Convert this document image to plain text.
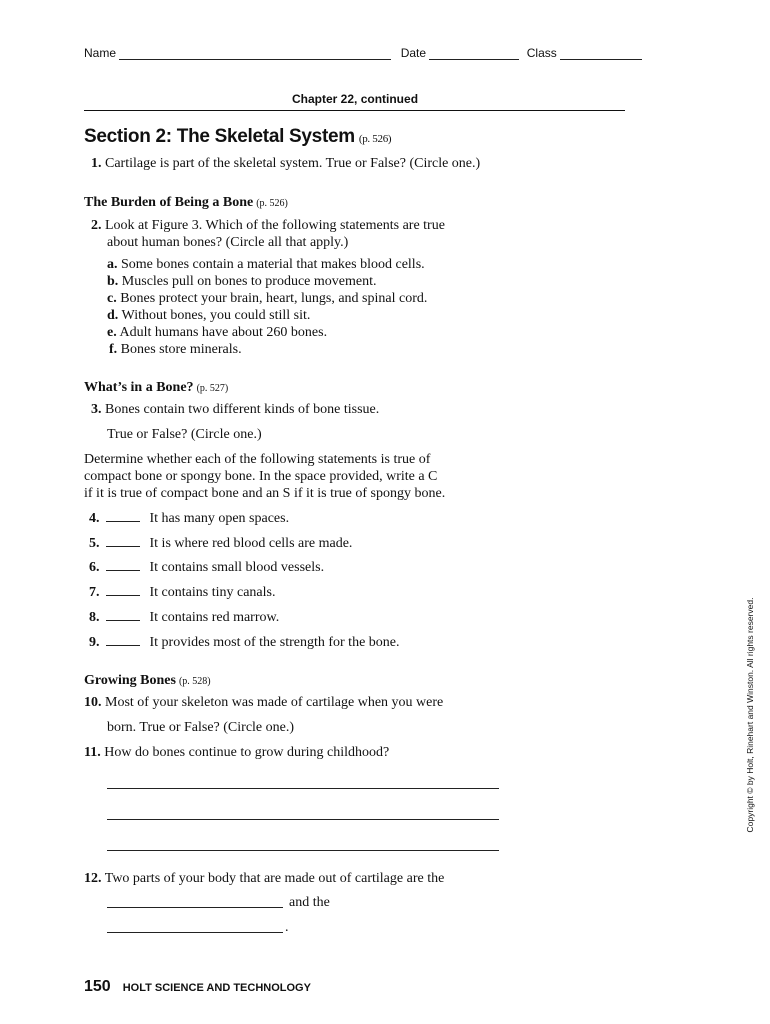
Name	Date	Class
Chapter 22, continued
Section 2: The Skeletal System (p. 526)
1. Cartilage is part of the skeletal system. True or False? (Circle one.)
The Burden of Being a Bone (p. 526)
2. Look at Figure 3. Which of the following statements are true
about human bones? (Circle all that apply.)
a. Some bones contain a material that makes blood cells.
b. Muscles pull on bones to produce movement.
c. Bones protect your brain, heart, lungs, and spinal cord.
d. Without bones, you could still sit.
e. Adult humans have about 260 bones.
f. Bones store minerals.
What’s in a Bone? (p. 527)
3. Bones contain two different kinds of bone tissue.
True or False? (Circle one.)
Determine whether each of the following statements is true of
compact bone or spongy bone. In the space provided, write a C
if it is true of compact bone and an S if it is true of spongy bone.
4.	It has many open spaces.
5.	It is where red blood cells are made.
6.	It contains small blood vessels.
7.	It contains tiny canals.
8.	It contains red marrow.
9.	It provides most of the strength for the bone.
Growing Bones (p. 528)
10. Most of your skeleton was made of cartilage when you were
born. True or False? (Circle one.)
11. How do bones continue to grow during childhood?
12. Two parts of your body that are made out of cartilage are the
and the
.
Copyright © by Holt, Rinehart and Winston. All rights reserved.
150 HOLT SCIENCE AND TECHNOLOGY
